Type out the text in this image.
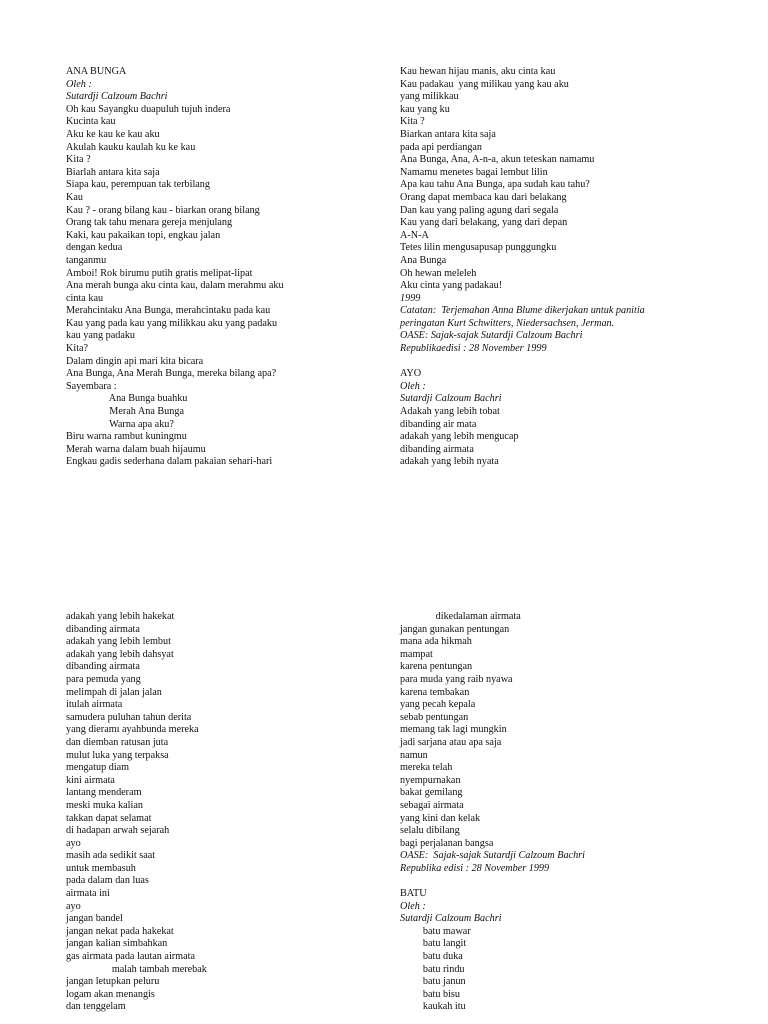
ANA BUNGA
Oleh :
Sutardji Calzoum Bachri
Oh kau Sayangku duapuluh tujuh indera
Kucinta kau
Aku ke kau ke kau aku
Akulah kauku kaulah ku ke kau
Kita ?
Biarlah antara kita saja
Siapa kau, perempuan tak terbilang
Kau
Kau ? - orang bilang kau - biarkan orang bilang
Orang tak tahu menara gereja menjulang
Kaki, kau pakaikan topi, engkau jalan
dengan kedua
tanganmu
Amboi! Rok birumu putih gratis melipat-lipat
Ana merah bunga aku cinta kau, dalam merahmu aku
cinta kau
Merahcintaku Ana Bunga, merahcintaku pada kau
Kau yang pada kau yang milikkau aku yang padaku
kau yang padaku
Kita?
Dalam dingin api mari kita bicara
Ana Bunga, Ana Merah Bunga, mereka bilang apa?
Sayembara :
Ana Bunga buahku
Merah Ana Bunga
Warna apa aku?
Biru warna rambut kuningmu
Merah warna dalam buah hijaumu
Engkau gadis sederhana dalam pakaian sehari-hari
Kau hewan hijau manis, aku cinta kau
Kau padakau  yang milikau yang kau aku
yang milikkau
kau yang ku
Kita ?
Biarkan antara kita saja
pada api perdiangan
Ana Bunga, Ana, A-n-a, akun teteskan namamu
Namamu menetes bagai lembut lilin
Apa kau tahu Ana Bunga, apa sudah kau tahu?
Orang dapat membaca kau dari belakang
Dan kau yang paling agung dari segala
Kau yang dari belakang, yang dari depan
A-N-A
Tetes lilin mengusapusap punggungku
Ana Bunga
Oh hewan meleleh
Aku cinta yang padakau!
1999
Catatan:  Terjemahan Anna Blume dikerjakan untuk panitia
peringatan Kurt Schwitters, Niedersachsen, Jerman.
OASE: Sajak-sajak Sutardji Calzoum Bachri
Republikaedisi : 28 November 1999
AYO
Oleh :
Sutardji Calzoum Bachri
Adakah yang lebih tobat
dibanding air mata
adakah yang lebih mengucap
dibanding airmata
adakah yang lebih nyata
adakah yang lebih hakekat
dibanding airmata
adakah yang lebih lembut
adakah yang lebih dahsyat
dibanding airmata
para pemuda yang
melimpah di jalan jalan
itulah airmata
samudera puluhan tahun derita
yang dieramı ayahbunda mereka
dan diemban ratusan juta
mulut luka yang terpaksa
mengatup diam
kini airmata
lantang menderam
meski muka kalian
takkan dapat selamat
di hadapan arwah sejarah
ayo
masih ada sedikit saat
untuk membasuh
pada dalam dan luas
airmata ini
ayo
jangan bandel
jangan nekat pada hakekat
jangan kalian simbahkan
gas airmata pada lautan airmata
malah tambah merebak
jangan letupkan peluru
logam akan menangis
dan tenggelam
dikedalaman airmata
jangan gunakan pentungan
mana ada hikmah
mampat
karena pentungan
para muda yang raib nyawa
karena tembakan
yang pecah kepala
sebab pentungan
memang tak lagi mungkin
jadi sarjana atau apa saja
namun
mereka telah
nyempurnakan
bakat gemilang
sebagai airmata
yang kini dan kelak
selalu dibilang
bagi perjalanan bangsa
OASE:  Sajak-sajak Sutardji Calzoum Bachri
Republika edisi : 28 November 1999
BATU
Oleh :
Sutardji Calzoum Bachri
batu mawar
batu langit
batu duka
batu rindu
batu janun
batu bisu
kaukah itu
